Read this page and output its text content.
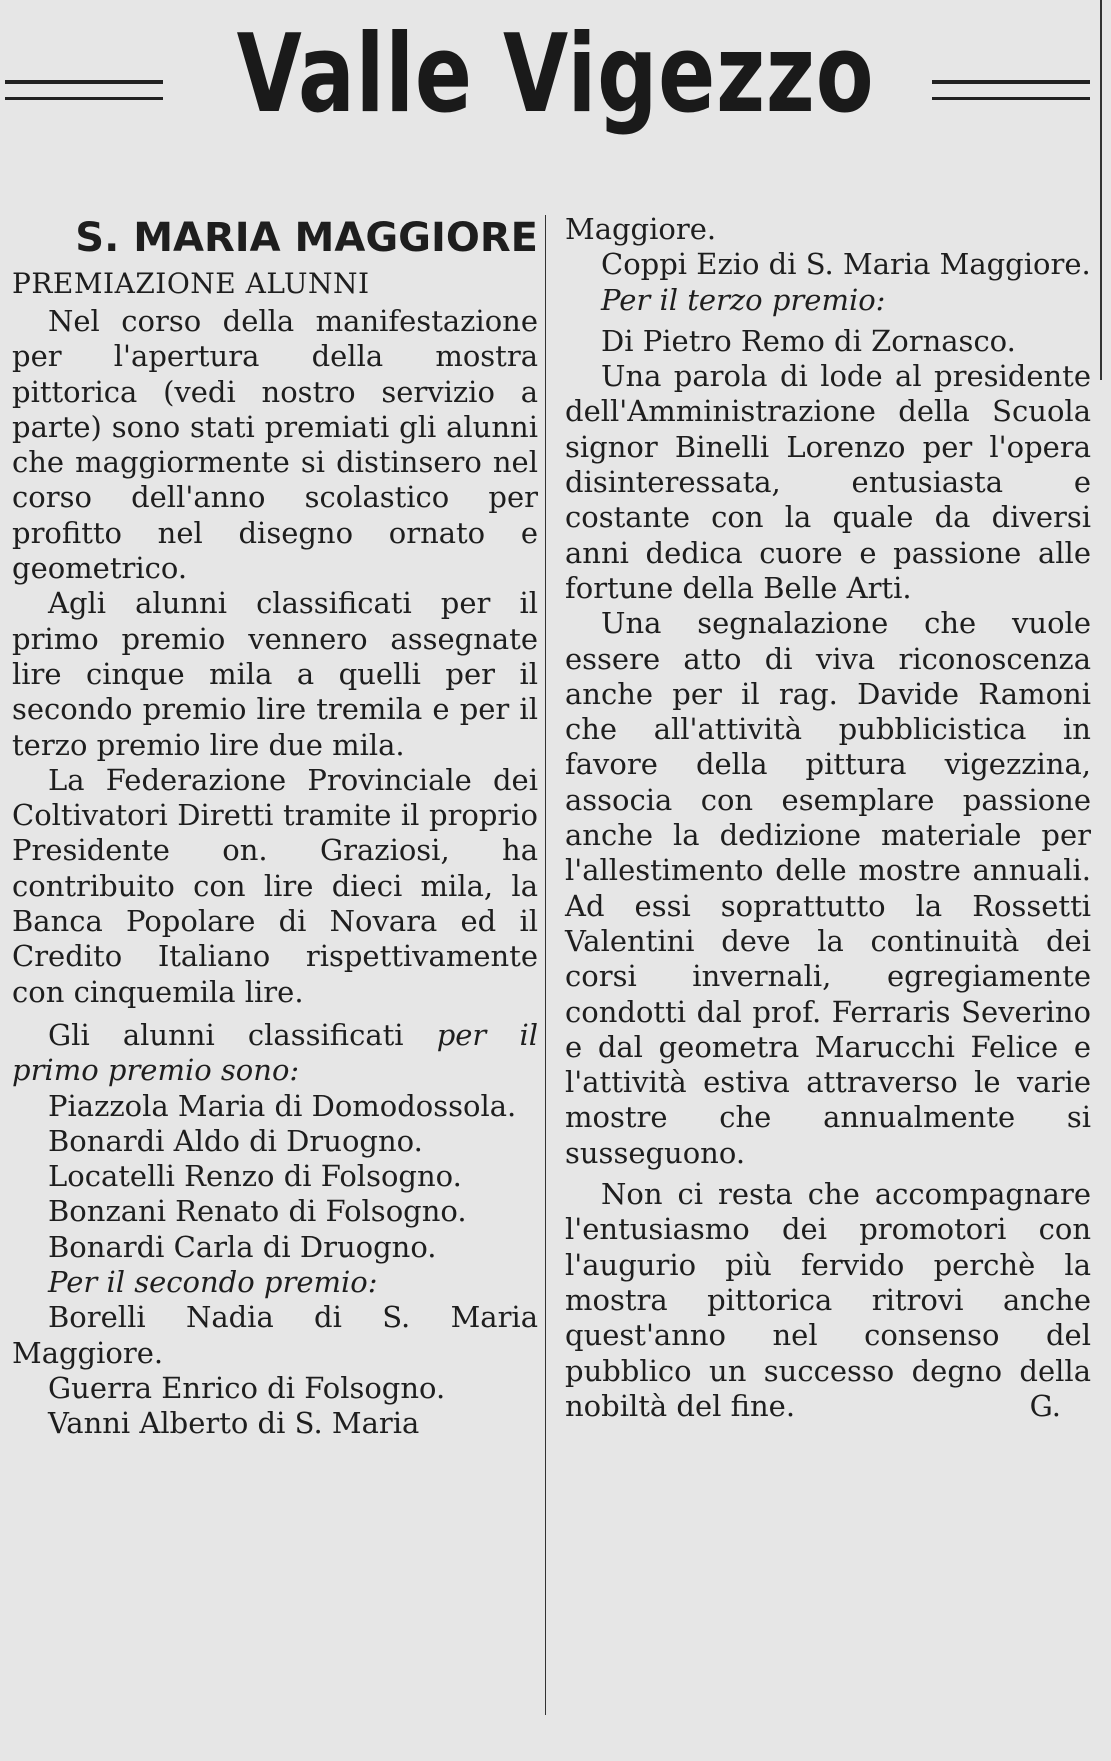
Valle Vigezzo
S. MARIA MAGGIORE

PREMIAZIONE ALUNNI

Nel corso della manifestazione per l'apertura della mostra pittorica (vedi nostro servizio a parte) sono stati premiati gli alunni che maggiormente si distinsero nel corso dell'anno scolastico per profitto nel disegno ornato e geometrico.

Agli alunni classificati per il primo premio vennero assegnate lire cinque mila a quelli per il secondo premio lire tremila e per il terzo premio lire due mila.

La Federazione Provinciale dei Coltivatori Diretti tramite il proprio Presidente on. Graziosi, ha contribuito con lire dieci mila, la Banca Popolare di Novara ed il Credito Italiano rispettivamente con cinquemila lire.

Gli alunni classificati per il primo premio sono:

Piazzola Maria di Domodossola.

Bonardi Aldo di Druogno.

Locatelli Renzo di Folsogno.

Bonzani Renato di Folsogno.

Bonardi Carla di Druogno.

Per il secondo premio:

Borelli Nadia di S. Maria Maggiore.

Guerra Enrico di Folsogno.

Vanni Alberto di S. Maria

Maggiore.

Coppi Ezio di S. Maria Maggiore.

Per il terzo premio:

Di Pietro Remo di Zornasco.

Una parola di lode al presidente dell'Amministrazione della Scuola signor Binelli Lorenzo per l'opera disinteressata, entusiasta e costante con la quale da diversi anni dedica cuore e passione alle fortune della Belle Arti.

Una segnalazione che vuole essere atto di viva riconoscenza anche per il rag. Davide Ramoni che all'attività pubblicistica in favore della pittura vigezzina, associa con esemplare passione anche la dedizione materiale per l'allestimento delle mostre annuali. Ad essi soprattutto la Rossetti Valentini deve la continuità dei corsi invernali, egregiamente condotti dal prof. Ferraris Severino e dal geometra Marucchi Felice e l'attività estiva attraverso le varie mostre che annualmente si susseguono.

Non ci resta che accompagnare l'entusiasmo dei promotori con l'augurio più fervido perchè la mostra pittorica ritrovi anche quest'anno nel consenso del pubblico un successo degno della nobiltà del fine.	G.
